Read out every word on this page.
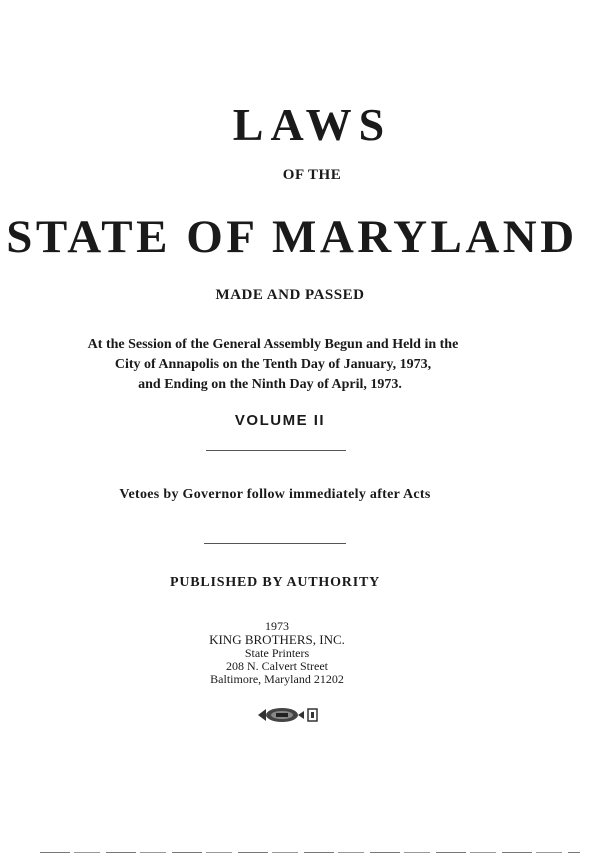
LAWS
OF THE
STATE OF MARYLAND
MADE AND PASSED
At the Session of the General Assembly Begun and Held in the
City of Annapolis on the Tenth Day of January, 1973,
and Ending on the Ninth Day of April, 1973.
VOLUME II
Vetoes by Governor follow immediately after Acts
PUBLISHED BY AUTHORITY
1973
KING BROTHERS, INC.
State Printers
208 N. Calvert Street
Baltimore, Maryland 21202
